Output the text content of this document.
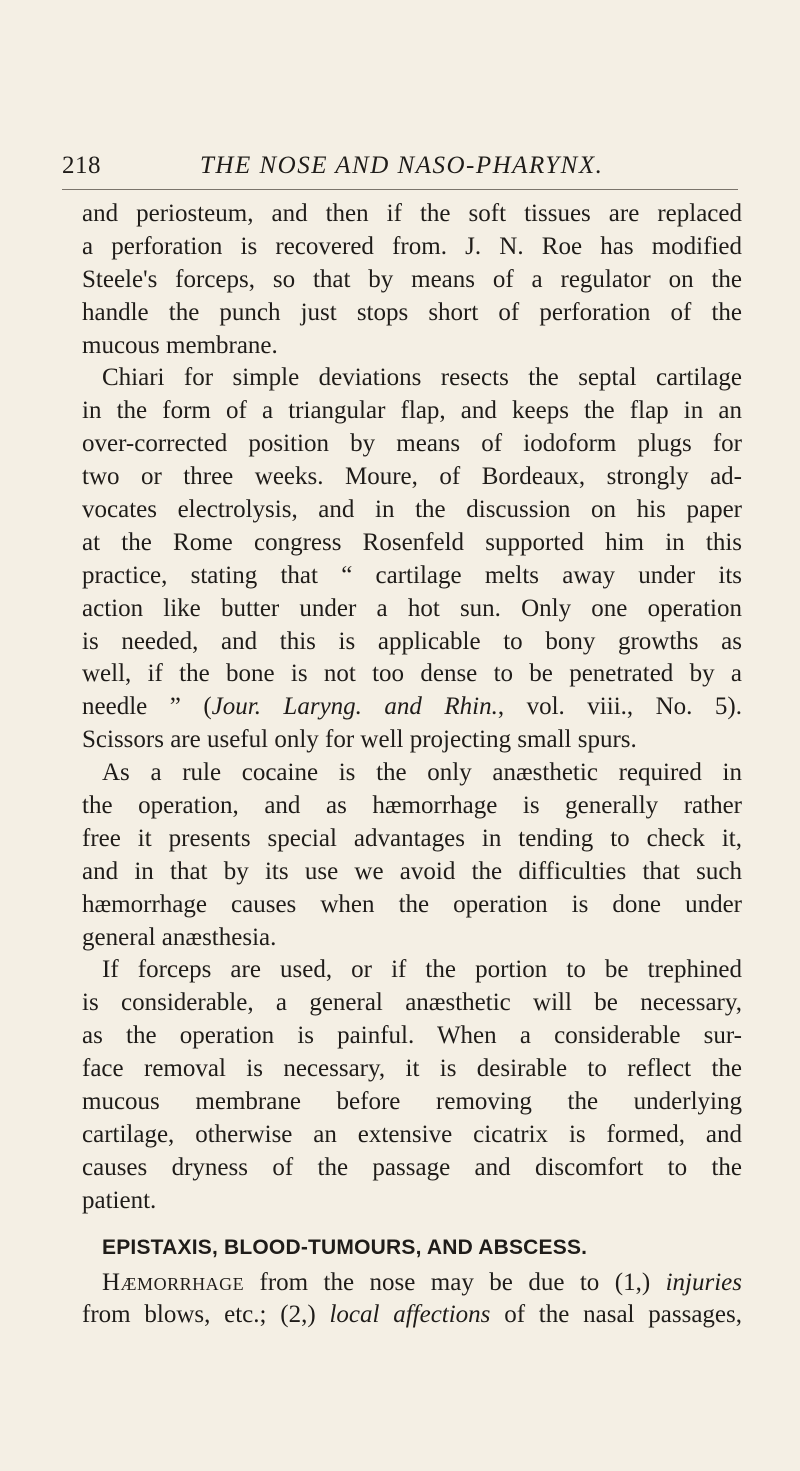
218	THE NOSE AND NASO-PHARYNX.
and periosteum, and then if the soft tissues are replaced
a perforation is recovered from. J. N. Roe has modified
Steele's forceps, so that by means of a regulator on the
handle the punch just stops short of perforation of the
mucous membrane.
Chiari for simple deviations resects the septal cartilage
in the form of a triangular flap, and keeps the flap in an
over-corrected position by means of iodoform plugs for
two or three weeks. Moure, of Bordeaux, strongly ad-
vocates electrolysis, and in the discussion on his paper
at the Rome congress Rosenfeld supported him in this
practice, stating that “ cartilage melts away under its
action like butter under a hot sun. Only one operation
is needed, and this is applicable to bony growths as
well, if the bone is not too dense to be penetrated by a
needle ” (Jour. Laryng. and Rhin., vol. viii., No. 5).
Scissors are useful only for well projecting small spurs.
As a rule cocaine is the only anæsthetic required in
the operation, and as hæmorrhage is generally rather
free it presents special advantages in tending to check it,
and in that by its use we avoid the difficulties that such
hæmorrhage causes when the operation is done under
general anæsthesia.
If forceps are used, or if the portion to be trephined
is considerable, a general anæsthetic will be necessary,
as the operation is painful. When a considerable sur-
face removal is necessary, it is desirable to reflect the
mucous membrane before removing the underlying
cartilage, otherwise an extensive cicatrix is formed, and
causes dryness of the passage and discomfort to the
patient.
EPISTAXIS, BLOOD-TUMOURS, AND ABSCESS.
Hæmorrhage from the nose may be due to (1,) injuries
from blows, etc.; (2,) local affections of the nasal passages,
